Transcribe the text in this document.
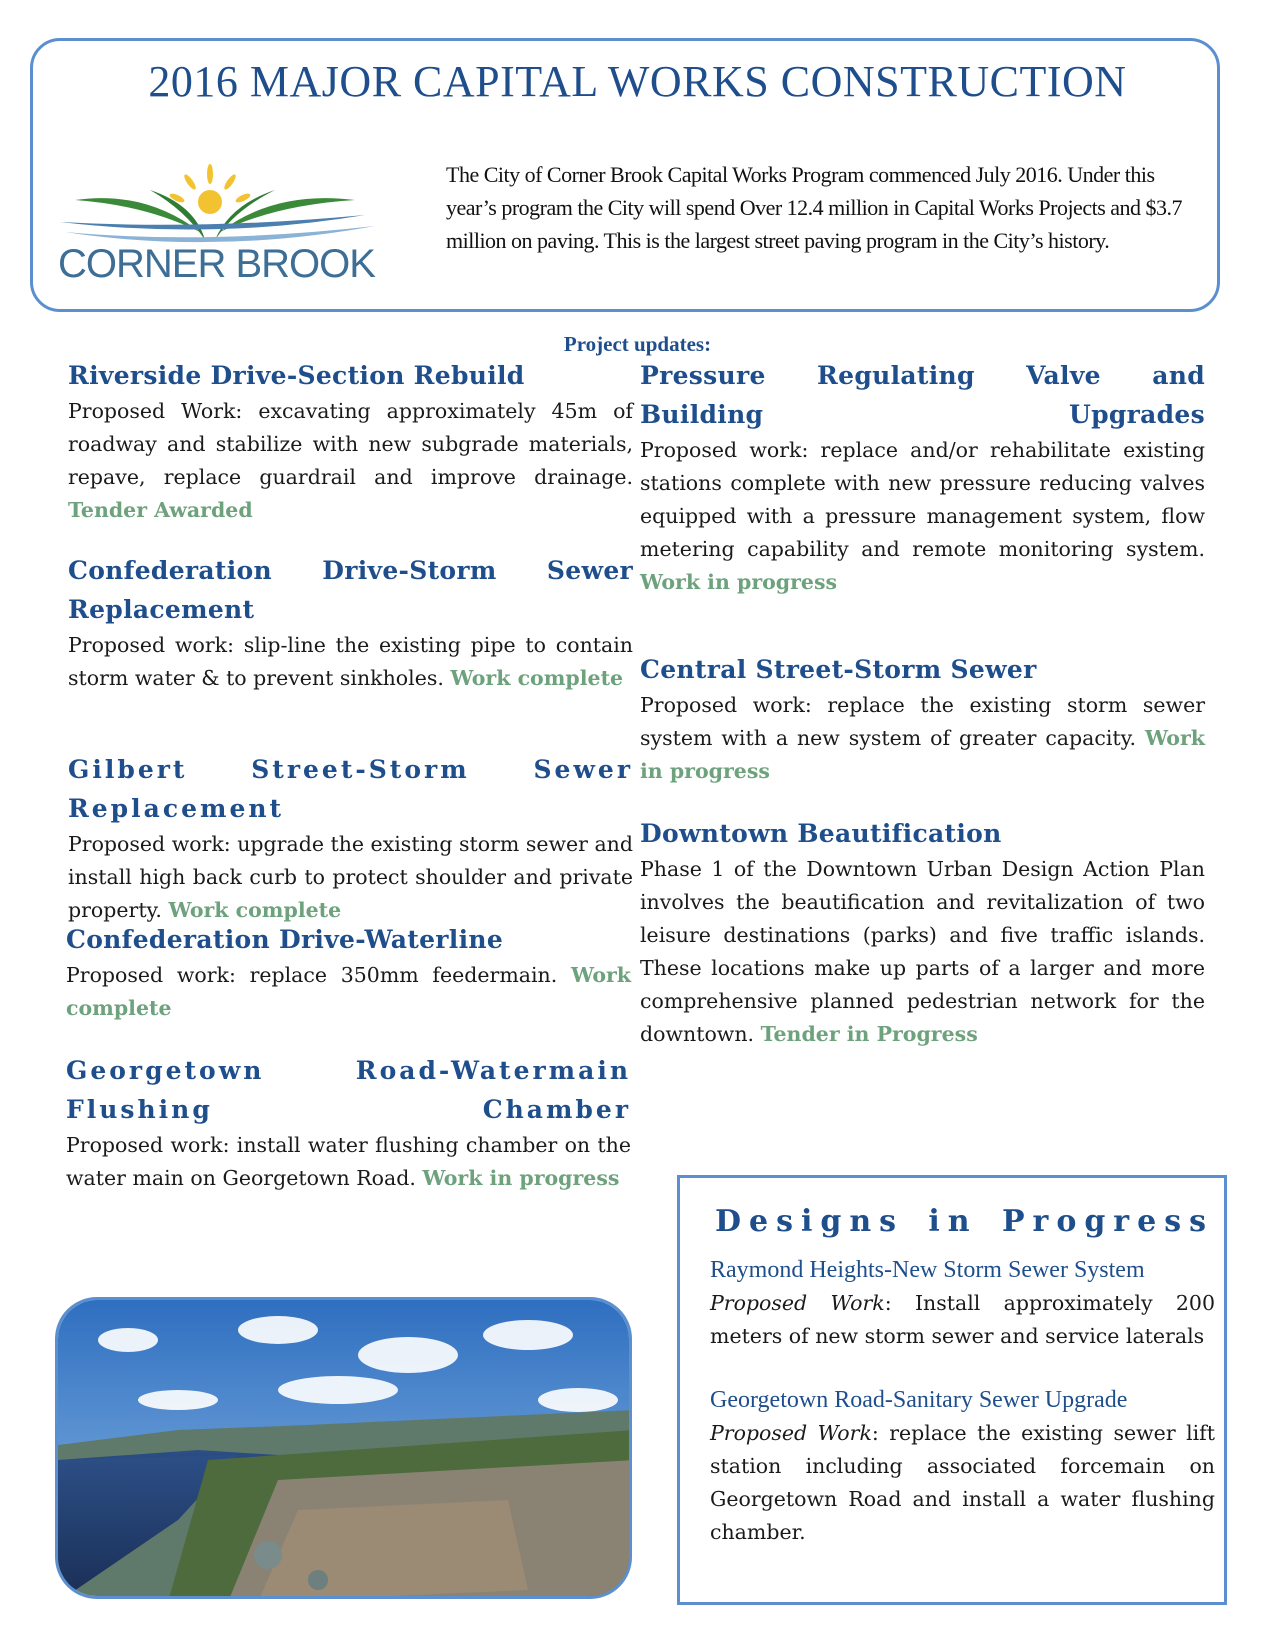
2016 MAJOR CAPITAL WORKS CONSTRUCTION
CORNER BROOK
The City of Corner Brook Capital Works Program commenced July 2016. Under this year’s program the City will spend Over 12.4 million in Capital Works Projects and $3.7 million on paving. This is the largest street paving program in the City’s history.
Project updates:
Riverside Drive-Section Rebuild
Proposed Work: excavating approximately 45m of roadway and stabilize with new subgrade materials, repave, replace guardrail and improve drainage. Tender Awarded
Confederation Drive-Storm Sewer Replacement
Proposed work: slip-line the existing pipe to contain storm water & to prevent sinkholes. Work complete
Gilbert Street-Storm Sewer Replacement
Proposed work: upgrade the existing storm sewer and install high back curb to protect shoulder and private property. Work complete
Confederation Drive-Waterline
Proposed work: replace 350mm feedermain. Work complete
Georgetown Road-Watermain Flushing Chamber
Proposed work: install water flushing chamber on the water main on Georgetown Road. Work in progress
Pressure Regulating Valve and Building Upgrades
Proposed work: replace and/or rehabilitate existing stations complete with new pressure reducing valves equipped with a pressure management system, flow metering capability and remote monitoring system. Work in progress
Central Street-Storm Sewer
Proposed work: replace the existing storm sewer system with a new system of greater capacity. Work in progress
Downtown Beautification
Phase 1 of the Downtown Urban Design Action Plan involves the beautification and revitalization of two leisure destinations (parks) and five traffic islands. These locations make up parts of a larger and more comprehensive planned pedestrian network for the downtown. Tender in Progress
Designs in Progress
Raymond Heights-New Storm Sewer System
Proposed Work: Install approximately 200 meters of new storm sewer and service laterals
Georgetown Road-Sanitary Sewer Upgrade
Proposed Work: replace the existing sewer lift station including associated forcemain on Georgetown Road and install a water flushing chamber.
